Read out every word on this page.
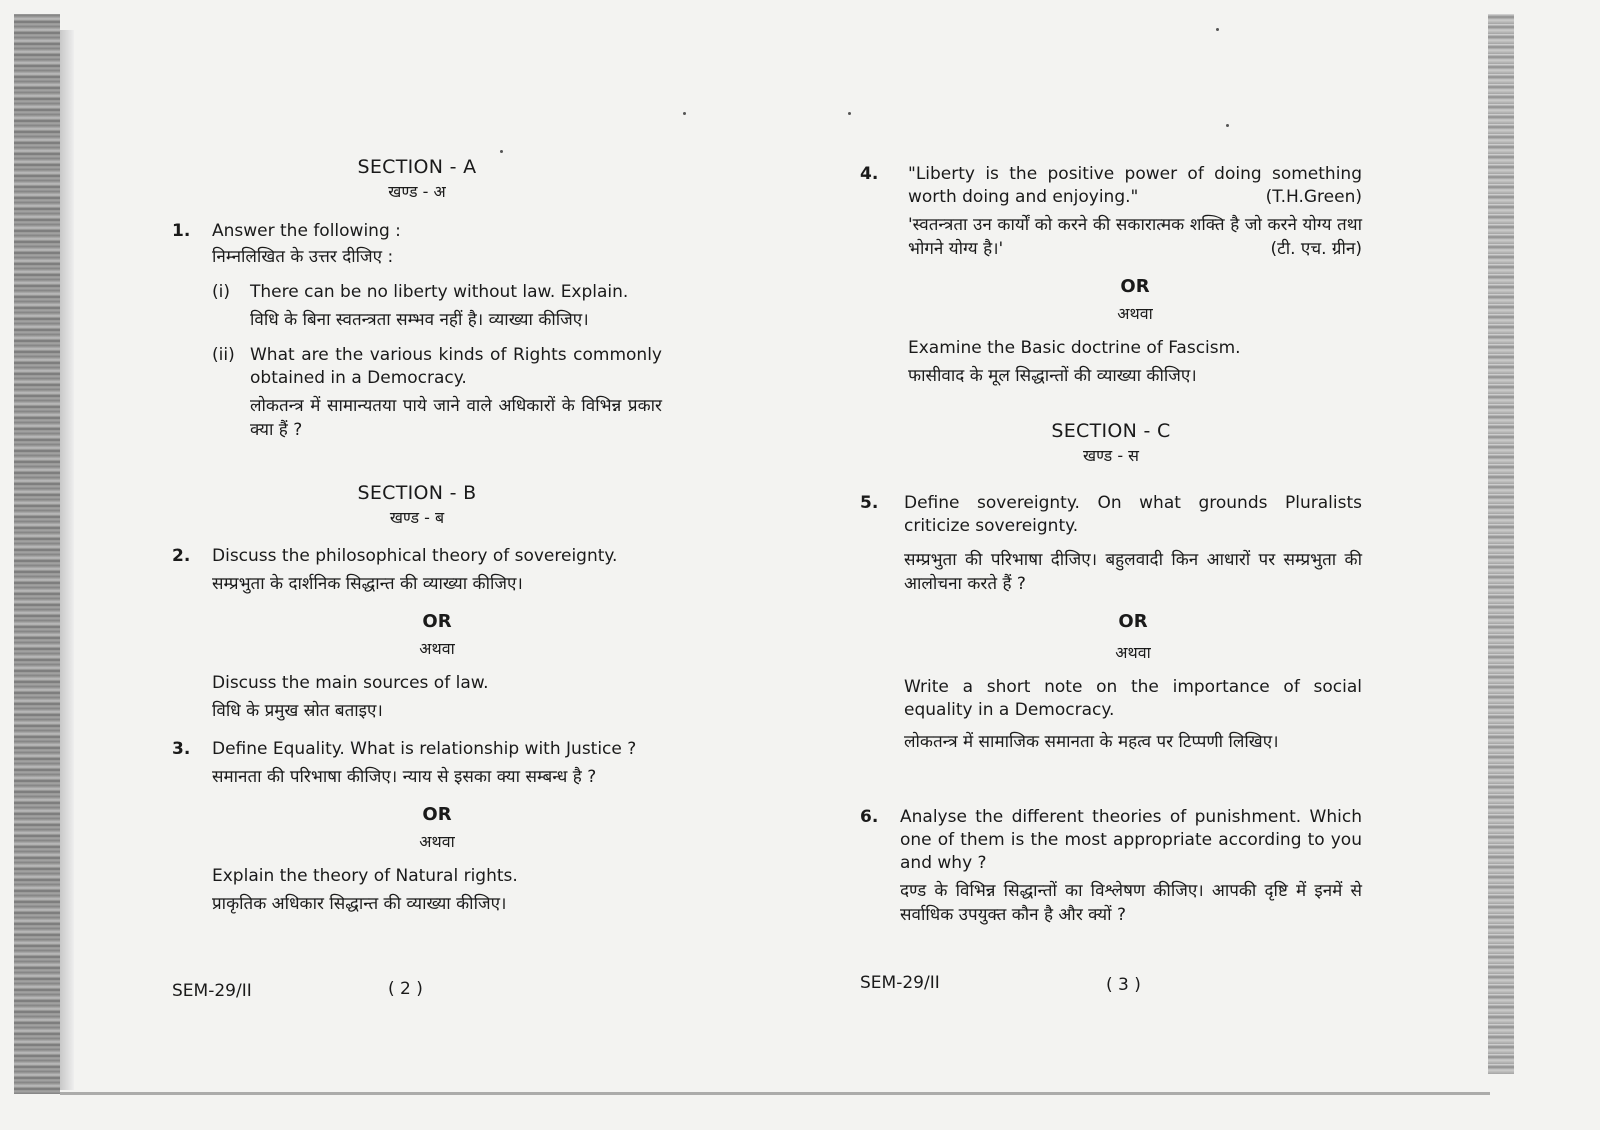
SECTION - A

खण्ड - अ

1. Answer the following :

निम्नलिखित के उत्तर दीजिए :

(i) There can be no liberty without law. Explain.

विधि के बिना स्वतन्त्रता सम्भव नहीं है। व्याख्या कीजिए।

(ii) What are the various kinds of Rights commonly obtained in a Democracy.

लोकतन्त्र में सामान्यतया पाये जाने वाले अधिकारों के विभिन्न प्रकार क्या हैं ?

SECTION - B

खण्ड - ब

2. Discuss the philosophical theory of sovereignty.

सम्प्रभुता के दार्शनिक सिद्धान्त की व्याख्या कीजिए।

OR

अथवा

Discuss the main sources of law.

विधि के प्रमुख स्रोत बताइए।

3. Define Equality. What is relationship with Justice ?

समानता की परिभाषा कीजिए। न्याय से इसका क्या सम्बन्ध है ?

OR

अथवा

Explain the theory of Natural rights.

प्राकृतिक अधिकार सिद्धान्त की व्याख्या कीजिए।

SEM-29/II	( 2 )
4. "Liberty is the positive power of doing something worth doing and enjoying."	(T.H.Green)

'स्वतन्त्रता उन कार्यों को करने की सकारात्मक शक्ति है जो करने योग्य तथा भोगने योग्य है।'	(टी. एच. ग्रीन)

OR

अथवा

Examine the Basic doctrine of Fascism.

फासीवाद के मूल सिद्धान्तों की व्याख्या कीजिए।

SECTION - C

खण्ड - स

5. Define sovereignty. On what grounds Pluralists criticize sovereignty.

सम्प्रभुता की परिभाषा दीजिए। बहुलवादी किन आधारों पर सम्प्रभुता की आलोचना करते हैं ?

OR

अथवा

Write a short note on the importance of social equality in a Democracy.

लोकतन्त्र में सामाजिक समानता के महत्व पर टिप्पणी लिखिए।

6. Analyse the different theories of punishment. Which one of them is the most appropriate according to you and why ?

दण्ड के विभिन्न सिद्धान्तों का विश्लेषण कीजिए। आपकी दृष्टि में इनमें से सर्वाधिक उपयुक्त कौन है और क्यों ?

SEM-29/II	( 3 )
